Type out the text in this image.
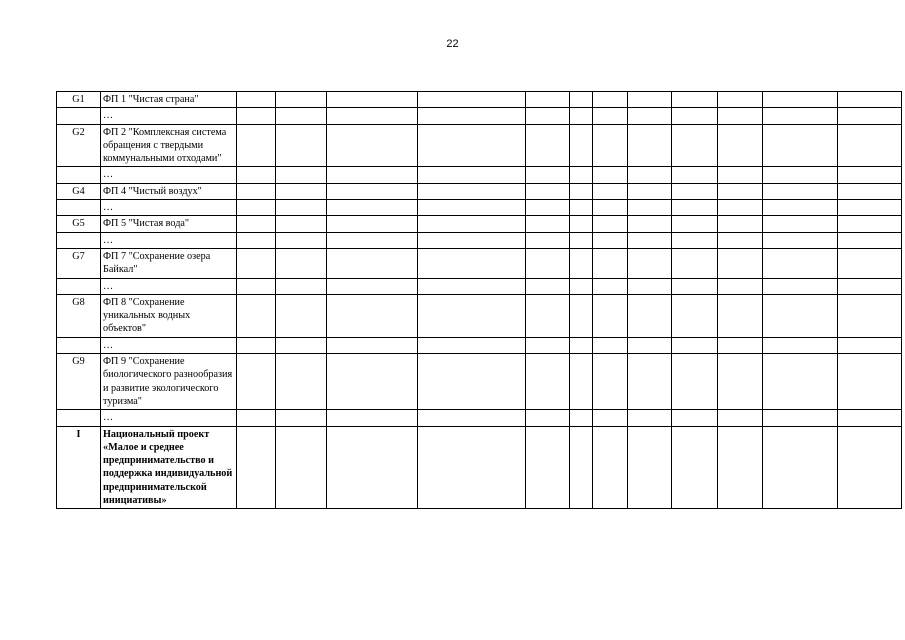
22
G1	ФП 1 "Чистая страна"												
	…												
G2	ФП 2 "Комплексная система обращения с твердыми коммунальными отходами"												
	…												
G4	ФП 4 "Чистый воздух"												
	…												
G5	ФП 5 "Чистая вода"												
	…												
G7	ФП 7 "Сохранение озера Байкал"												
	…												
G8	ФП 8 "Сохранение уникальных водных объектов"												
	…												
G9	ФП 9 "Сохранение биологического разнообразия и развитие экологического туризма"												
	…												
I	Национальный проект «Малое и среднее предпринимательство и поддержка индивидуальной предпринимательской инициативы»												
